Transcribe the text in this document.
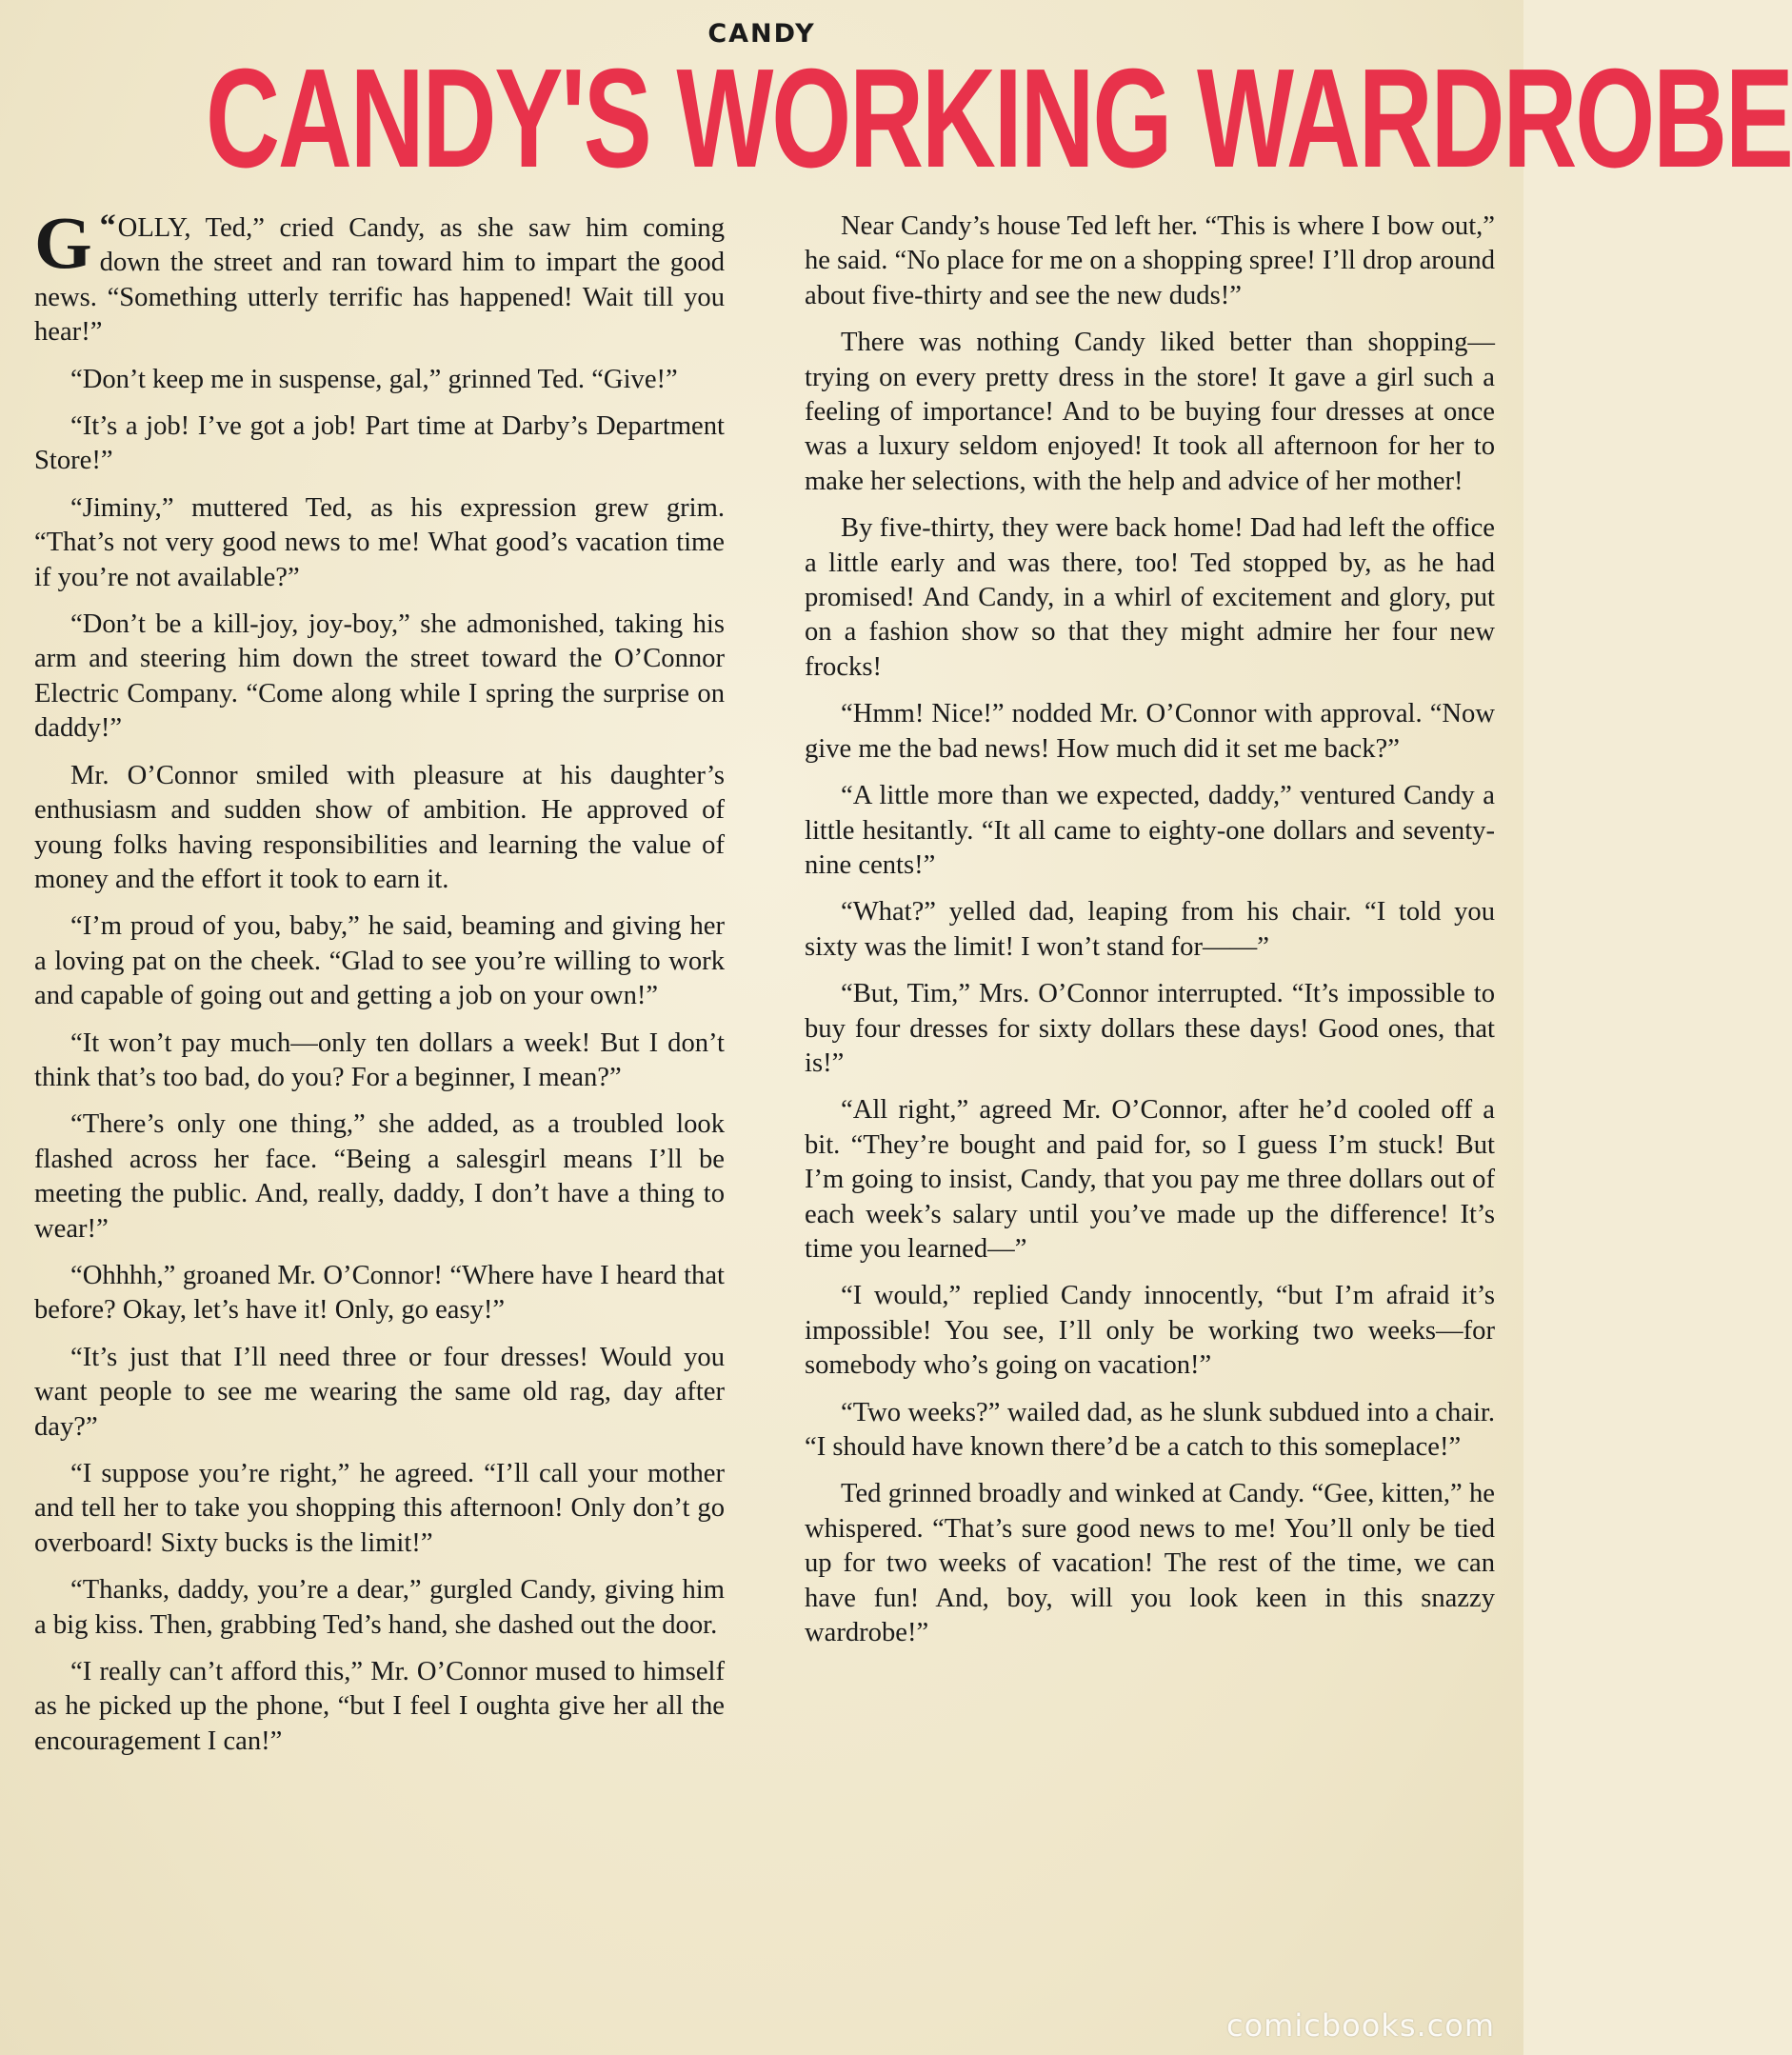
CANDY
CANDY'S WORKING WARDROBE

“
G OLLY, Ted,” cried Candy, as she saw him coming down the street and ran toward him to impart the good news. “Something utterly terrific has happened! Wait till you hear!”

“Don’t keep me in suspense, gal,” grinned Ted. “Give!”

“It’s a job! I’ve got a job! Part time at Darby’s Department Store!”

“Jiminy,” muttered Ted, as his expression grew grim. “That’s not very good news to me! What good’s vacation time if you’re not available?”

“Don’t be a kill-joy, joy-boy,” she admonished, taking his arm and steering him down the street toward the O’Connor Electric Company. “Come along while I spring the surprise on daddy!”

Mr. O’Connor smiled with pleasure at his daughter’s enthusiasm and sudden show of ambition. He approved of young folks having responsibilities and learning the value of money and the effort it took to earn it.

“I’m proud of you, baby,” he said, beaming and giving her a loving pat on the cheek. “Glad to see you’re willing to work and capable of going out and getting a job on your own!”

“It won’t pay much—only ten dollars a week! But I don’t think that’s too bad, do you? For a beginner, I mean?”

“There’s only one thing,” she added, as a troubled look flashed across her face. “Being a salesgirl means I’ll be meeting the public. And, really, daddy, I don’t have a thing to wear!”

“Ohhhh,” groaned Mr. O’Connor! “Where have I heard that before? Okay, let’s have it! Only, go easy!”

“It’s just that I’ll need three or four dresses! Would you want people to see me wearing the same old rag, day after day?”

“I suppose you’re right,” he agreed. “I’ll call your mother and tell her to take you shopping this afternoon! Only don’t go overboard! Sixty bucks is the limit!”

“Thanks, daddy, you’re a dear,” gurgled Candy, giving him a big kiss. Then, grabbing Ted’s hand, she dashed out the door.

“I really can’t afford this,” Mr. O’Connor mused to himself as he picked up the phone, “but I feel I oughta give her all the encouragement I can!”

Near Candy’s house Ted left her. “This is where I bow out,” he said. “No place for me on a shopping spree! I’ll drop around about five-thirty and see the new duds!”

There was nothing Candy liked better than shopping—trying on every pretty dress in the store! It gave a girl such a feeling of importance! And to be buying four dresses at once was a luxury seldom enjoyed! It took all afternoon for her to make her selections, with the help and advice of her mother!

By five-thirty, they were back home! Dad had left the office a little early and was there, too! Ted stopped by, as he had promised! And Candy, in a whirl of excitement and glory, put on a fashion show so that they might admire her four new frocks!

“Hmm! Nice!” nodded Mr. O’Connor with approval. “Now give me the bad news! How much did it set me back?”

“A little more than we expected, daddy,” ventured Candy a little hesitantly. “It all came to eighty-one dollars and seventy-nine cents!”

“What?” yelled dad, leaping from his chair. “I told you sixty was the limit! I won’t stand for——”

“But, Tim,” Mrs. O’Connor interrupted. “It’s impossible to buy four dresses for sixty dollars these days! Good ones, that is!”

“All right,” agreed Mr. O’Connor, after he’d cooled off a bit. “They’re bought and paid for, so I guess I’m stuck! But I’m going to insist, Candy, that you pay me three dollars out of each week’s salary until you’ve made up the difference! It’s time you learned—”

“I would,” replied Candy innocently, “but I’m afraid it’s impossible! You see, I’ll only be working two weeks—for somebody who’s going on vacation!”

“Two weeks?” wailed dad, as he slunk subdued into a chair. “I should have known there’d be a catch to this someplace!”

Ted grinned broadly and winked at Candy. “Gee, kitten,” he whispered. “That’s sure good news to me! You’ll only be tied up for two weeks of vacation! The rest of the time, we can have fun! And, boy, will you look keen in this snazzy wardrobe!”

comicbooks.com
